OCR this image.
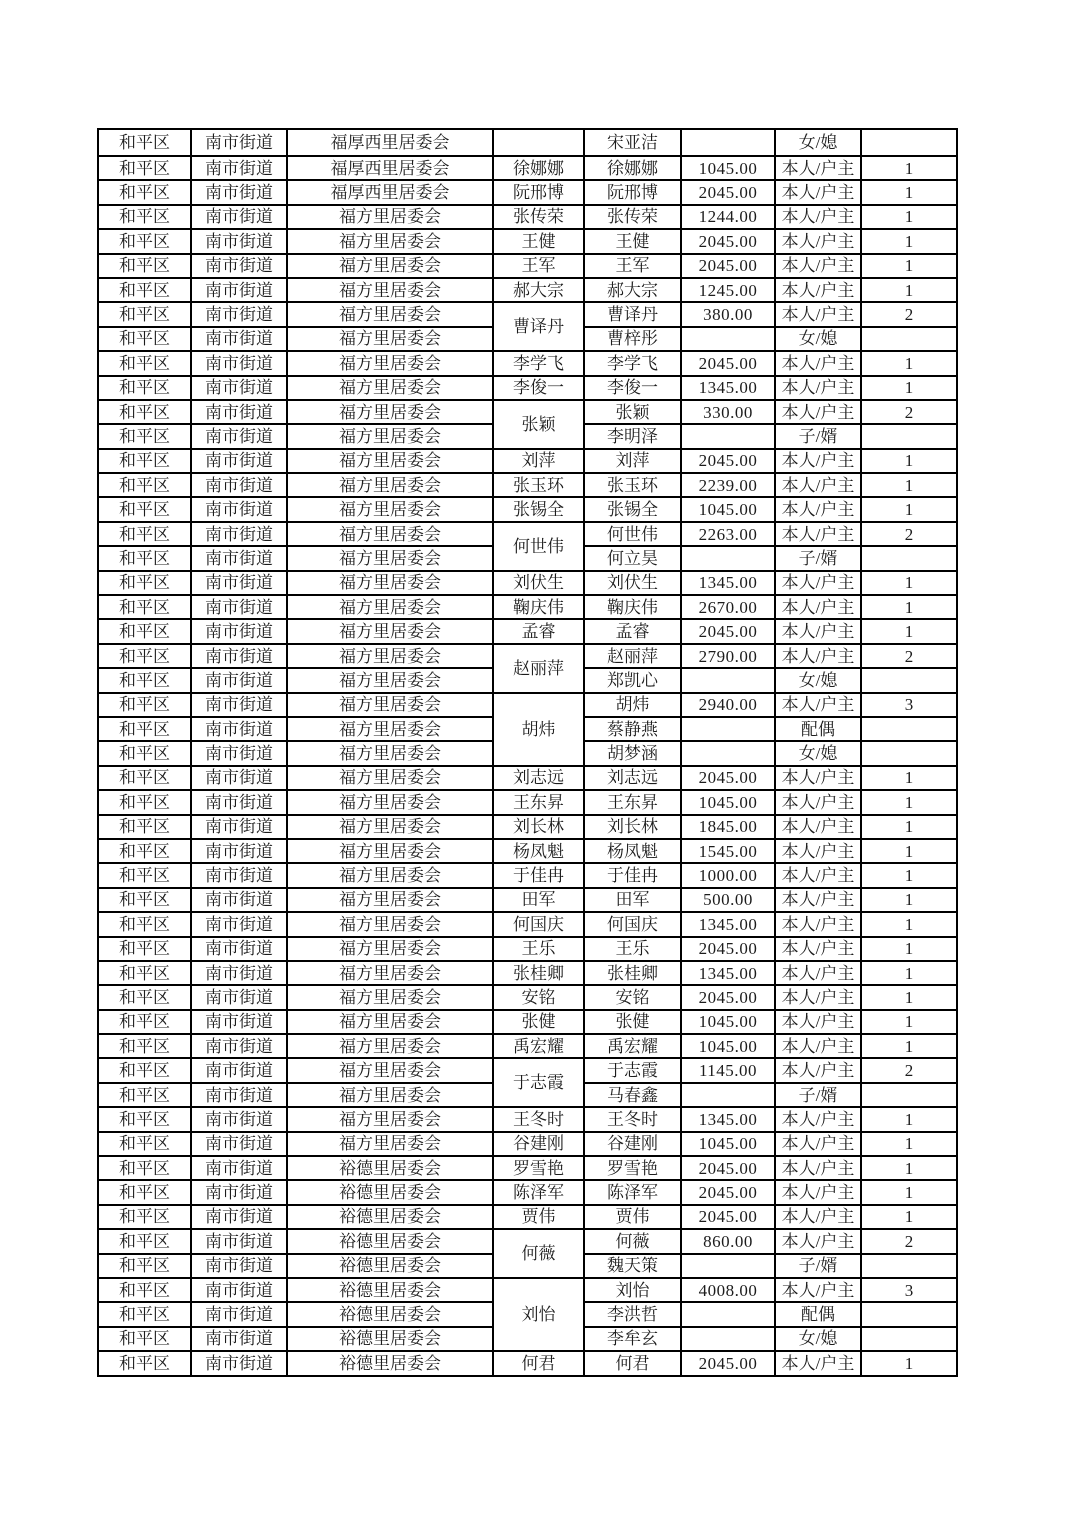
和平区	南市街道	福厚西里居委会		宋亚洁		女/媳	
和平区	南市街道	福厚西里居委会	徐娜娜	徐娜娜	1045.00	本人/户主	1
和平区	南市街道	福厚西里居委会	阮邢博	阮邢博	2045.00	本人/户主	1
和平区	南市街道	福方里居委会	张传荣	张传荣	1244.00	本人/户主	1
和平区	南市街道	福方里居委会	王健	王健	2045.00	本人/户主	1
和平区	南市街道	福方里居委会	王军	王军	2045.00	本人/户主	1
和平区	南市街道	福方里居委会	郝大宗	郝大宗	1245.00	本人/户主	1
和平区	南市街道	福方里居委会	曹译丹	曹译丹	380.00	本人/户主	2
和平区	南市街道	福方里居委会		曹梓彤		女/媳	
和平区	南市街道	福方里居委会	李学飞	李学飞	2045.00	本人/户主	1
和平区	南市街道	福方里居委会	李俊一	李俊一	1345.00	本人/户主	1
和平区	南市街道	福方里居委会	张颖	张颖	330.00	本人/户主	2
和平区	南市街道	福方里居委会		李明泽		子/婿	
和平区	南市街道	福方里居委会	刘萍	刘萍	2045.00	本人/户主	1
和平区	南市街道	福方里居委会	张玉环	张玉环	2239.00	本人/户主	1
和平区	南市街道	福方里居委会	张锡全	张锡全	1045.00	本人/户主	1
和平区	南市街道	福方里居委会	何世伟	何世伟	2263.00	本人/户主	2
和平区	南市街道	福方里居委会		何立昊		子/婿	
和平区	南市街道	福方里居委会	刘伏生	刘伏生	1345.00	本人/户主	1
和平区	南市街道	福方里居委会	鞠庆伟	鞠庆伟	2670.00	本人/户主	1
和平区	南市街道	福方里居委会	孟睿	孟睿	2045.00	本人/户主	1
和平区	南市街道	福方里居委会	赵丽萍	赵丽萍	2790.00	本人/户主	2
和平区	南市街道	福方里居委会		郑凯心		女/媳	
和平区	南市街道	福方里居委会	胡炜	胡炜	2940.00	本人/户主	3
和平区	南市街道	福方里居委会		蔡静燕		配偶	
和平区	南市街道	福方里居委会		胡梦涵		女/媳	
和平区	南市街道	福方里居委会	刘志远	刘志远	2045.00	本人/户主	1
和平区	南市街道	福方里居委会	王东昇	王东昇	1045.00	本人/户主	1
和平区	南市街道	福方里居委会	刘长林	刘长林	1845.00	本人/户主	1
和平区	南市街道	福方里居委会	杨凤魁	杨凤魁	1545.00	本人/户主	1
和平区	南市街道	福方里居委会	于佳冉	于佳冉	1000.00	本人/户主	1
和平区	南市街道	福方里居委会	田军	田军	500.00	本人/户主	1
和平区	南市街道	福方里居委会	何国庆	何国庆	1345.00	本人/户主	1
和平区	南市街道	福方里居委会	王乐	王乐	2045.00	本人/户主	1
和平区	南市街道	福方里居委会	张桂卿	张桂卿	1345.00	本人/户主	1
和平区	南市街道	福方里居委会	安铭	安铭	2045.00	本人/户主	1
和平区	南市街道	福方里居委会	张健	张健	1045.00	本人/户主	1
和平区	南市街道	福方里居委会	禹宏耀	禹宏耀	1045.00	本人/户主	1
和平区	南市街道	福方里居委会	于志霞	于志霞	1145.00	本人/户主	2
和平区	南市街道	福方里居委会		马春鑫		子/婿	
和平区	南市街道	福方里居委会	王冬时	王冬时	1345.00	本人/户主	1
和平区	南市街道	福方里居委会	谷建刚	谷建刚	1045.00	本人/户主	1
和平区	南市街道	裕德里居委会	罗雪艳	罗雪艳	2045.00	本人/户主	1
和平区	南市街道	裕德里居委会	陈泽军	陈泽军	2045.00	本人/户主	1
和平区	南市街道	裕德里居委会	贾伟	贾伟	2045.00	本人/户主	1
和平区	南市街道	裕德里居委会	何薇	何薇	860.00	本人/户主	2
和平区	南市街道	裕德里居委会		魏天策		子/婿	
和平区	南市街道	裕德里居委会	刘怡	刘怡	4008.00	本人/户主	3
和平区	南市街道	裕德里居委会		李洪哲		配偶	
和平区	南市街道	裕德里居委会		李牟玄		女/媳	
和平区	南市街道	裕德里居委会	何君	何君	2045.00	本人/户主	1
